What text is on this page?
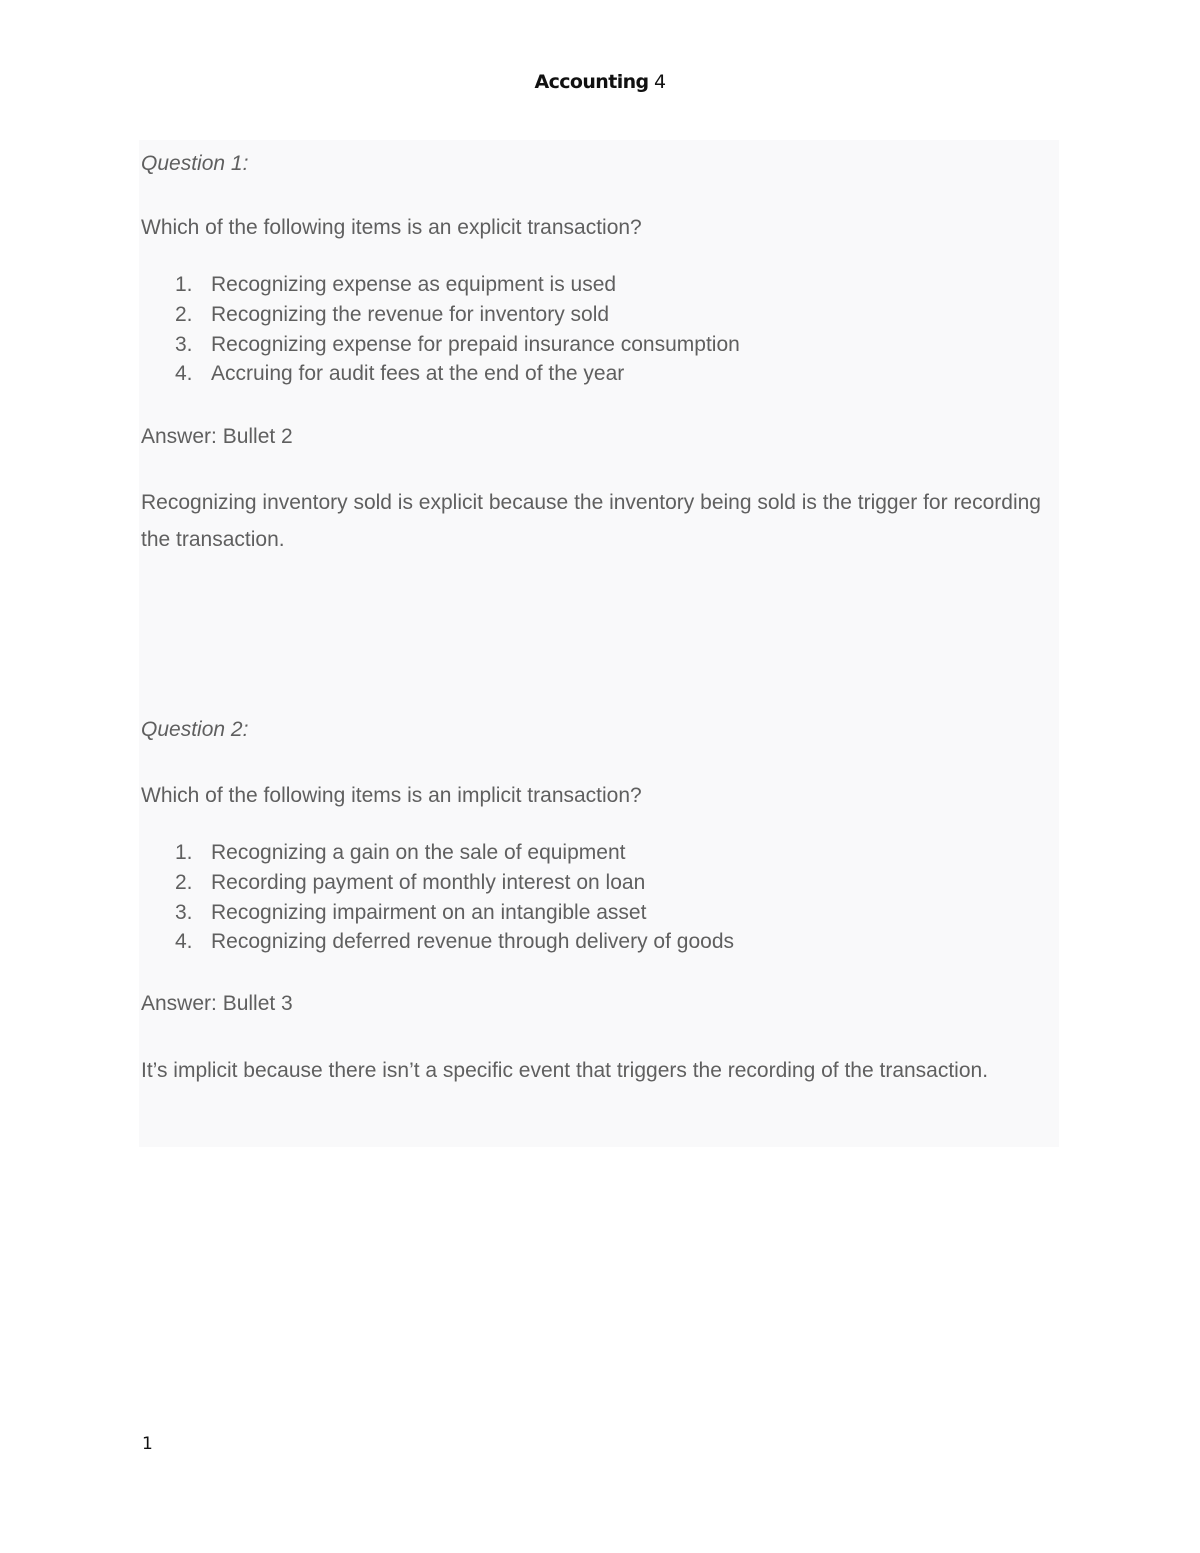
Accounting 4

Question 1:

Which of the following items is an explicit transaction?

1. Recognizing expense as equipment is used
2. Recognizing the revenue for inventory sold
3. Recognizing expense for prepaid insurance consumption
4. Accruing for audit fees at the end of the year

Answer: Bullet 2

Recognizing inventory sold is explicit because the inventory being sold is the trigger for recording the transaction.

Question 2:

Which of the following items is an implicit transaction?

1. Recognizing a gain on the sale of equipment
2. Recording payment of monthly interest on loan
3. Recognizing impairment on an intangible asset
4. Recognizing deferred revenue through delivery of goods

Answer: Bullet 3

It’s implicit because there isn’t a specific event that triggers the recording of the transaction.

1
